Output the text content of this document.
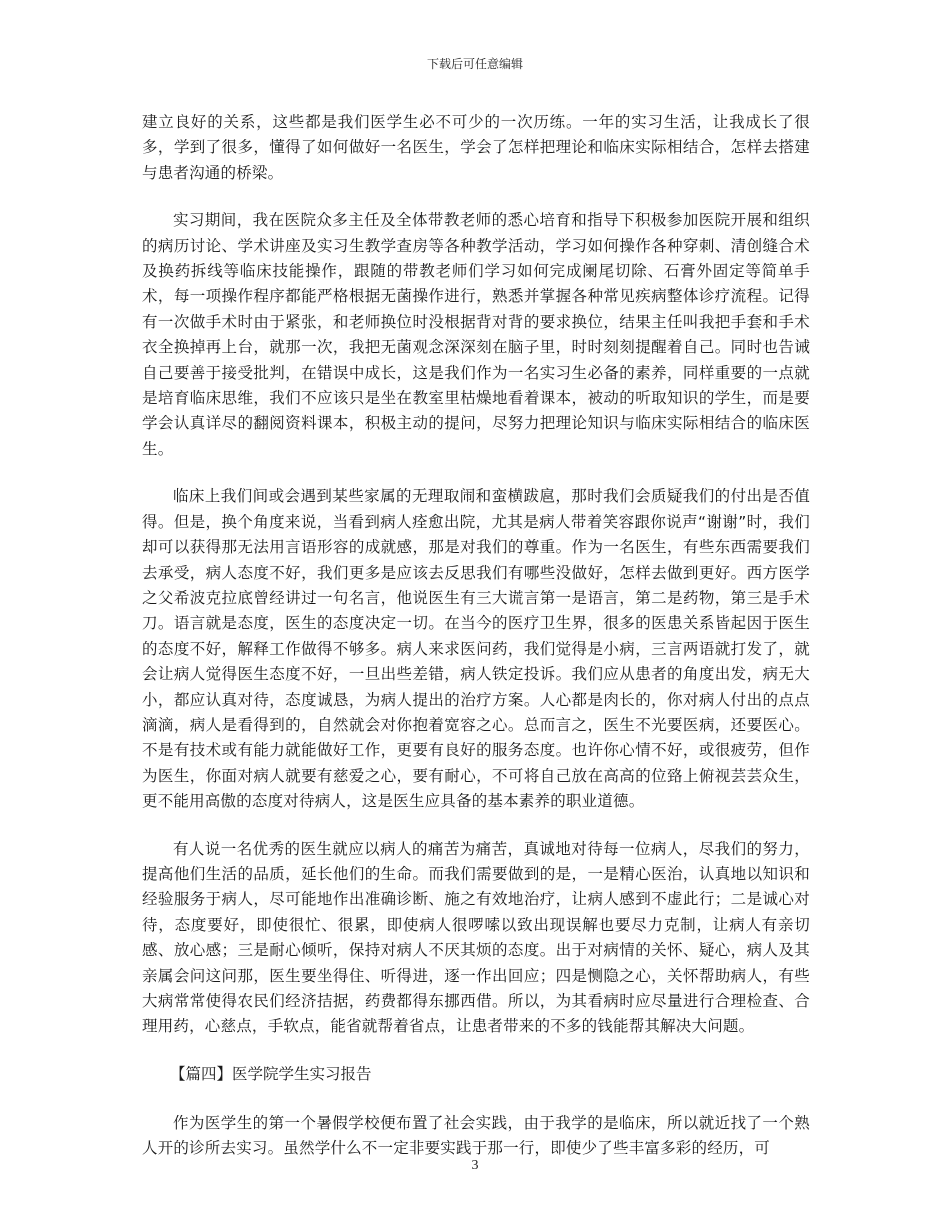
下载后可任意编辑

建立良好的关系，这些都是我们医学生必不可少的一次历练。一年的实习生活，让我成长了很多，学到了很多，懂得了如何做好一名医生，学会了怎样把理论和临床实际相结合，怎样去搭建与患者沟通的桥梁。

实习期间，我在医院众多主任及全体带教老师的悉心培育和指导下积极参加医院开展和组织的病历讨论、学术讲座及实习生教学查房等各种教学活动，学习如何操作各种穿刺、清创缝合术及换药拆线等临床技能操作，跟随的带教老师们学习如何完成阑尾切除、石膏外固定等简单手术，每一项操作程序都能严格根据无菌操作进行，熟悉并掌握各种常见疾病整体诊疗流程。记得有一次做手术时由于紧张，和老师换位时没根据背对背的要求换位，结果主任叫我把手套和手术衣全换掉再上台，就那一次，我把无菌观念深深刻在脑子里，时时刻刻提醒着自己。同时也告诫自己要善于接受批判，在错误中成长，这是我们作为一名实习生必备的素养，同样重要的一点就是培育临床思维，我们不应该只是坐在教室里枯燥地看着课本，被动的听取知识的学生，而是要学会认真详尽的翻阅资料课本，积极主动的提问，尽努力把理论知识与临床实际相结合的临床医生。

临床上我们间或会遇到某些家属的无理取闹和蛮横跋扈，那时我们会质疑我们的付出是否值得。但是，换个角度来说，当看到病人痊愈出院，尤其是病人带着笑容跟你说声“谢谢”时，我们却可以获得那无法用言语形容的成就感，那是对我们的尊重。作为一名医生，有些东西需要我们去承受，病人态度不好，我们更多是应该去反思我们有哪些没做好，怎样去做到更好。西方医学之父希波克拉底曾经讲过一句名言，他说医生有三大谎言第一是语言，第二是药物，第三是手术刀。语言就是态度，医生的态度决定一切。在当今的医疗卫生界，很多的医患关系皆起因于医生的态度不好，解释工作做得不够多。病人来求医问药，我们觉得是小病，三言两语就打发了，就会让病人觉得医生态度不好，一旦出些差错，病人铁定投诉。我们应从患者的角度出发，病无大小，都应认真对待，态度诚恳，为病人提出的治疗方案。人心都是肉长的，你对病人付出的点点滴滴，病人是看得到的，自然就会对你抱着宽容之心。总而言之，医生不光要医病，还要医心。不是有技术或有能力就能做好工作，更要有良好的服务态度。也许你心情不好，或很疲劳，但作为医生，你面对病人就要有慈爱之心，要有耐心，不可将自己放在高高的位臵上俯视芸芸众生，更不能用高傲的态度对待病人，这是医生应具备的基本素养的职业道德。

有人说一名优秀的医生就应以病人的痛苦为痛苦，真诚地对待每一位病人，尽我们的努力，提高他们生活的品质，延长他们的生命。而我们需要做到的是，一是精心医治，认真地以知识和经验服务于病人，尽可能地作出准确诊断、施之有效地治疗，让病人感到不虚此行；二是诚心对待，态度要好，即使很忙、很累，即使病人很啰嗦以致出现误解也要尽力克制，让病人有亲切感、放心感；三是耐心倾听，保持对病人不厌其烦的态度。出于对病情的关怀、疑心，病人及其亲属会问这问那，医生要坐得住、听得进，逐一作出回应；四是恻隐之心，关怀帮助病人，有些大病常常使得农民们经济拮据，药费都得东挪西借。所以，为其看病时应尽量进行合理检查、合理用药，心慈点，手软点，能省就帮着省点，让患者带来的不多的钱能帮其解决大问题。

【篇四】医学院学生实习报告

作为医学生的第一个暑假学校便布置了社会实践，由于我学的是临床，所以就近找了一个熟人开的诊所去实习。虽然学什么不一定非要实践于那一行，即使少了些丰富多彩的经历，可

3
